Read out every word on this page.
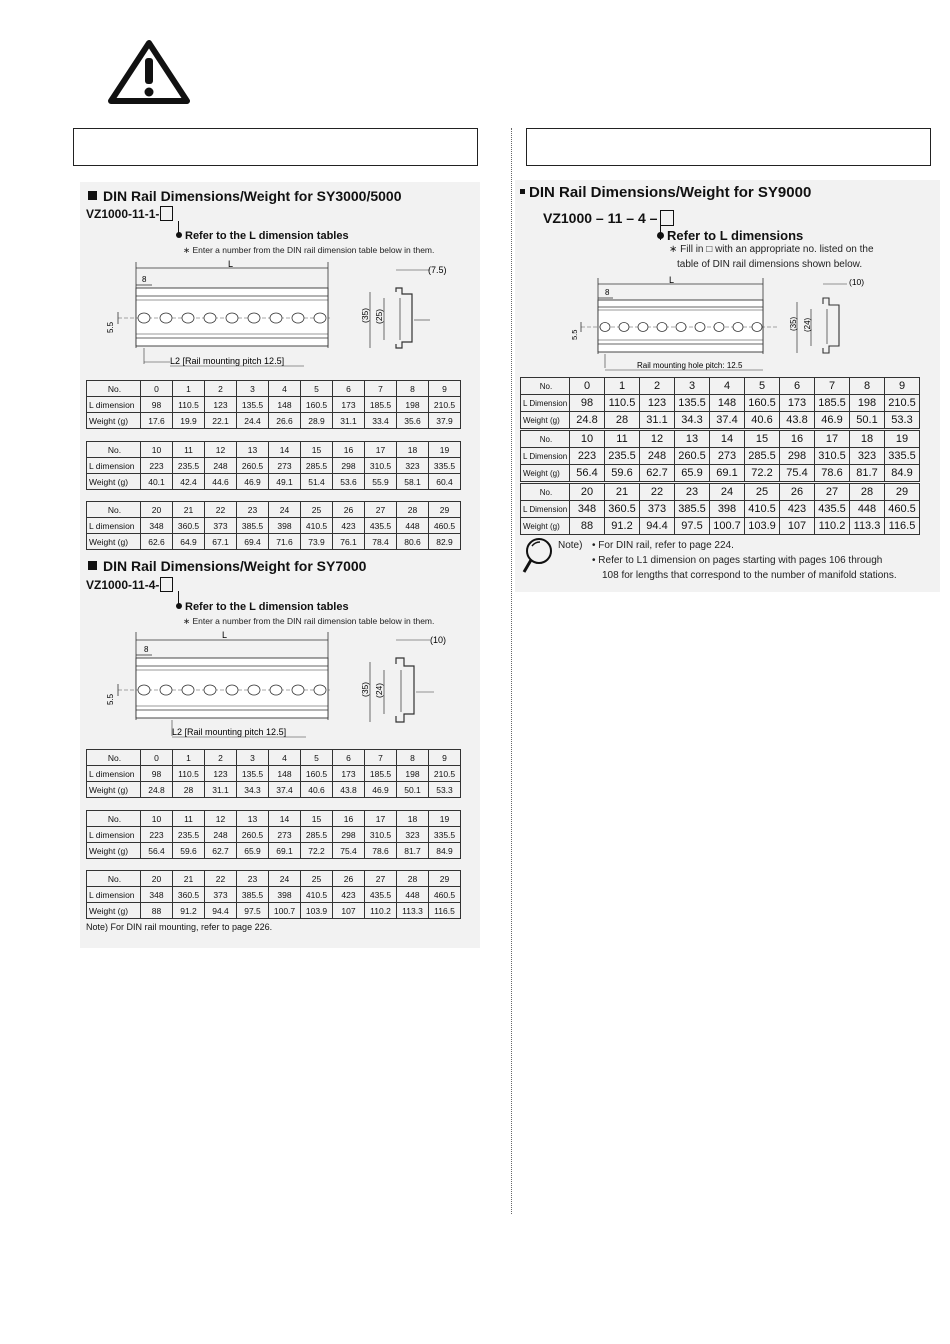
DIN Rail Dimensions/Weight for SY3000/5000
VZ1000-11-1-
Refer to the L dimension tables
∗ Enter a number from the DIN rail dimension table below in them.
L
8
5.5
L2 [Rail mounting pitch 12.5]
(7.5)
(35) (25)
No.	0	1	2	3	4	5	6	7	8	9
L dimension	98	110.5	123	135.5	148	160.5	173	185.5	198	210.5
Weight (g)	17.6	19.9	22.1	24.4	26.6	28.9	31.1	33.4	35.6	37.9
No.	10	11	12	13	14	15	16	17	18	19
L dimension	223	235.5	248	260.5	273	285.5	298	310.5	323	335.5
Weight (g)	40.1	42.4	44.6	46.9	49.1	51.4	53.6	55.9	58.1	60.4
No.	20	21	22	23	24	25	26	27	28	29
L dimension	348	360.5	373	385.5	398	410.5	423	435.5	448	460.5
Weight (g)	62.6	64.9	67.1	69.4	71.6	73.9	76.1	78.4	80.6	82.9
DIN Rail Dimensions/Weight for SY7000
VZ1000-11-4-
Refer to the L dimension tables
∗ Enter a number from the DIN rail dimension table below in them.
L
8
5.5
L2 [Rail mounting pitch 12.5]
(10)
(35) (24)
No.	0	1	2	3	4	5	6	7	8	9
L dimension	98	110.5	123	135.5	148	160.5	173	185.5	198	210.5
Weight (g)	24.8	28	31.1	34.3	37.4	40.6	43.8	46.9	50.1	53.3
No.	10	11	12	13	14	15	16	17	18	19
L dimension	223	235.5	248	260.5	273	285.5	298	310.5	323	335.5
Weight (g)	56.4	59.6	62.7	65.9	69.1	72.2	75.4	78.6	81.7	84.9
No.	20	21	22	23	24	25	26	27	28	29
L dimension	348	360.5	373	385.5	398	410.5	423	435.5	448	460.5
Weight (g)	88	91.2	94.4	97.5	100.7	103.9	107	110.2	113.3	116.5
Note) For DIN rail mounting, refer to page 226.
DIN Rail Dimensions/Weight for SY9000
VZ1000 – 11 – 4 –
Refer to L dimensions
∗ Fill in □ with an appropriate no. listed on the
table of DIN rail dimensions shown below.
L
8
5.5
Rail mounting hole pitch: 12.5
(10)
(35) (24)
No.	0	1	2	3	4	5	6	7	8	9
L Dimension	98	110.5	123	135.5	148	160.5	173	185.5	198	210.5
Weight (g)	24.8	28	31.1	34.3	37.4	40.6	43.8	46.9	50.1	53.3
No.	10	11	12	13	14	15	16	17	18	19
L Dimension	223	235.5	248	260.5	273	285.5	298	310.5	323	335.5
Weight (g)	56.4	59.6	62.7	65.9	69.1	72.2	75.4	78.6	81.7	84.9
No.	20	21	22	23	24	25	26	27	28	29
L Dimension	348	360.5	373	385.5	398	410.5	423	435.5	448	460.5
Weight (g)	88	91.2	94.4	97.5	100.7	103.9	107	110.2	113.3	116.5
Note) • For DIN rail, refer to page 224.
• Refer to L1 dimension on pages starting with pages 106 through
108 for lengths that correspond to the number of manifold stations.
